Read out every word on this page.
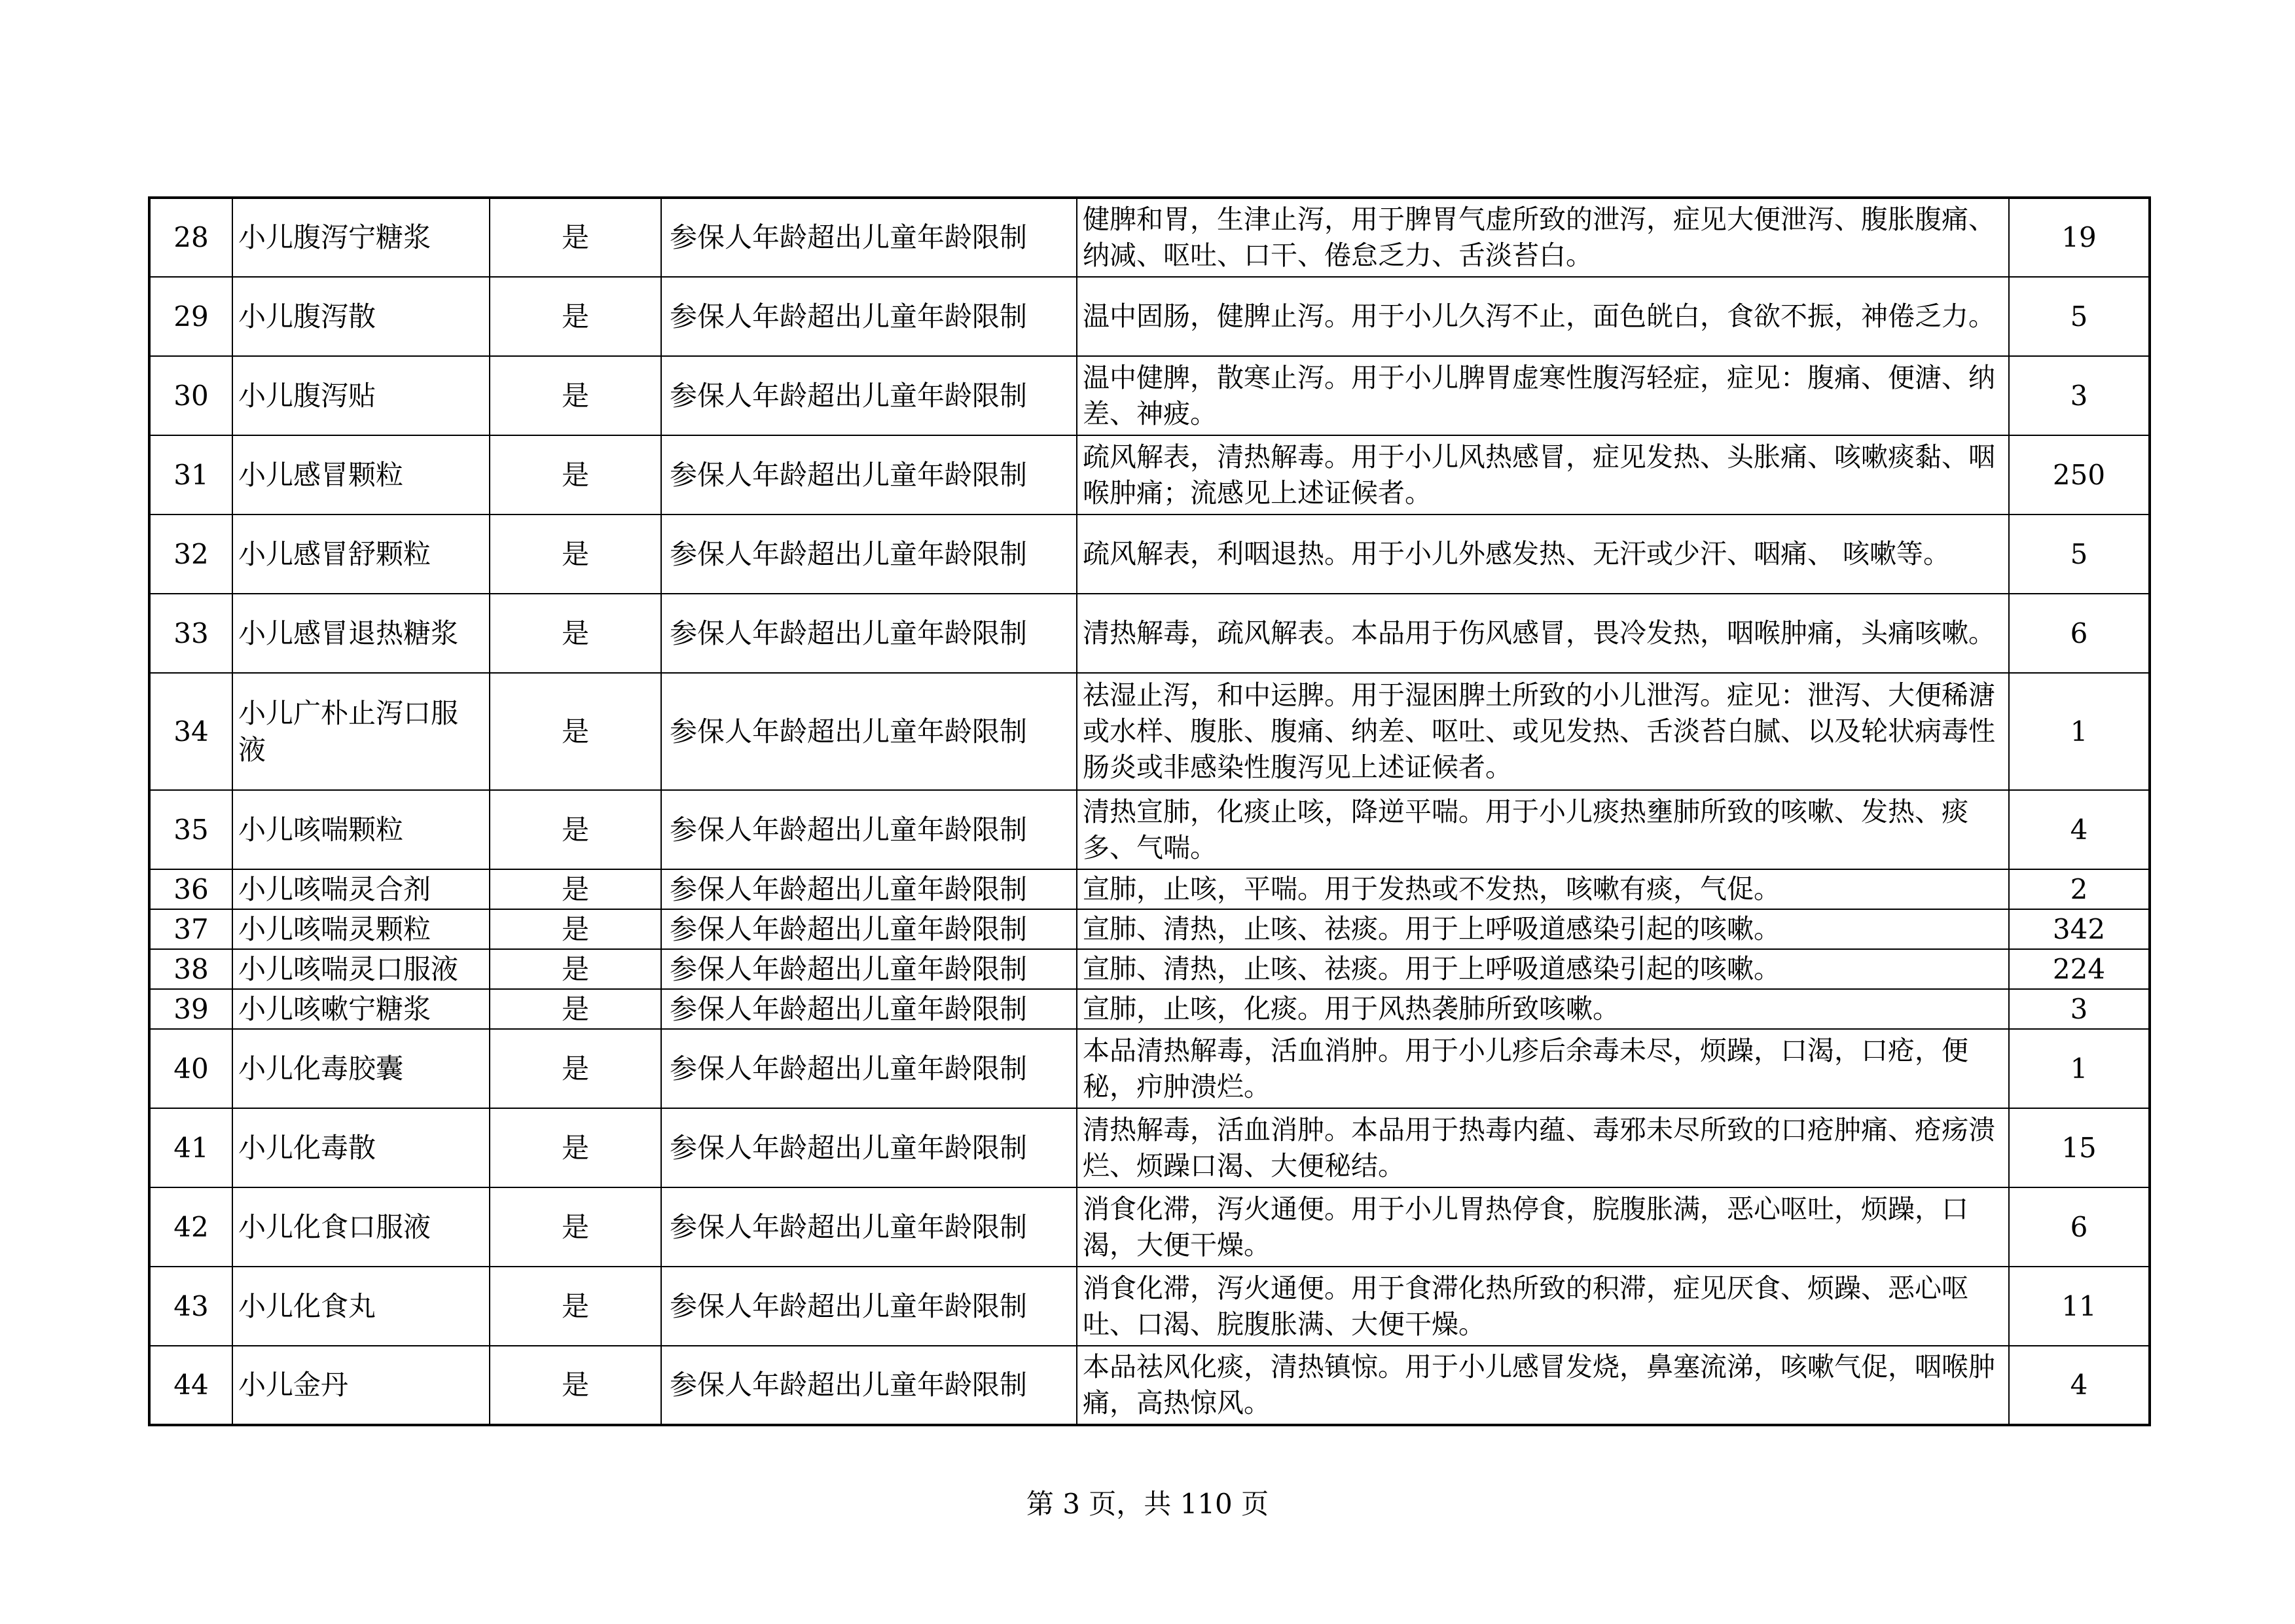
28	小儿腹泻宁糖浆	是	参保人年龄超出儿童年龄限制	健脾和胃，生津止泻，用于脾胃气虚所致的泄泻，症见大便泄泻、腹胀腹痛、纳减、呕吐、口干、倦怠乏力、舌淡苔白。	19
29	小儿腹泻散	是	参保人年龄超出儿童年龄限制	温中固肠，健脾止泻。用于小儿久泻不止，面色㿠白，食欲不振，神倦乏力。	5
30	小儿腹泻贴	是	参保人年龄超出儿童年龄限制	温中健脾，散寒止泻。用于小儿脾胃虚寒性腹泻轻症，症见：腹痛、便溏、纳差、神疲。	3
31	小儿感冒颗粒	是	参保人年龄超出儿童年龄限制	疏风解表，清热解毒。用于小儿风热感冒，症见发热、头胀痛、咳嗽痰黏、咽喉肿痛；流感见上述证候者。	250
32	小儿感冒舒颗粒	是	参保人年龄超出儿童年龄限制	疏风解表，利咽退热。用于小儿外感发热、无汗或少汗、咽痛、 咳嗽等。	5
33	小儿感冒退热糖浆	是	参保人年龄超出儿童年龄限制	清热解毒，疏风解表。本品用于伤风感冒，畏冷发热，咽喉肿痛，头痛咳嗽。	6
34	小儿广朴止泻口服液	是	参保人年龄超出儿童年龄限制	祛湿止泻，和中运脾。用于湿困脾土所致的小儿泄泻。症见：泄泻、大便稀溏或水样、腹胀、腹痛、纳差、呕吐、或见发热、舌淡苔白腻、以及轮状病毒性肠炎或非感染性腹泻见上述证候者。	1
35	小儿咳喘颗粒	是	参保人年龄超出儿童年龄限制	清热宣肺，化痰止咳，降逆平喘。用于小儿痰热壅肺所致的咳嗽、发热、痰多、气喘。	4
36	小儿咳喘灵合剂	是	参保人年龄超出儿童年龄限制	宣肺，止咳，平喘。用于发热或不发热，咳嗽有痰，气促。	2
37	小儿咳喘灵颗粒	是	参保人年龄超出儿童年龄限制	宣肺、清热，止咳、祛痰。用于上呼吸道感染引起的咳嗽。	342
38	小儿咳喘灵口服液	是	参保人年龄超出儿童年龄限制	宣肺、清热，止咳、祛痰。用于上呼吸道感染引起的咳嗽。	224
39	小儿咳嗽宁糖浆	是	参保人年龄超出儿童年龄限制	宣肺，止咳，化痰。用于风热袭肺所致咳嗽。	3
40	小儿化毒胶囊	是	参保人年龄超出儿童年龄限制	本品清热解毒，活血消肿。用于小儿疹后余毒未尽，烦躁，口渴，口疮，便秘，疖肿溃烂。	1
41	小儿化毒散	是	参保人年龄超出儿童年龄限制	清热解毒，活血消肿。本品用于热毒内蕴、毒邪未尽所致的口疮肿痛、疮疡溃烂、烦躁口渴、大便秘结。	15
42	小儿化食口服液	是	参保人年龄超出儿童年龄限制	消食化滞，泻火通便。用于小儿胃热停食，脘腹胀满，恶心呕吐，烦躁，口渴，大便干燥。	6
43	小儿化食丸	是	参保人年龄超出儿童年龄限制	消食化滞，泻火通便。用于食滞化热所致的积滞，症见厌食、烦躁、恶心呕吐、口渴、脘腹胀满、大便干燥。	11
44	小儿金丹	是	参保人年龄超出儿童年龄限制	本品祛风化痰，清热镇惊。用于小儿感冒发烧，鼻塞流涕，咳嗽气促，咽喉肿痛，高热惊风。	4
第 3 页，共 110 页
